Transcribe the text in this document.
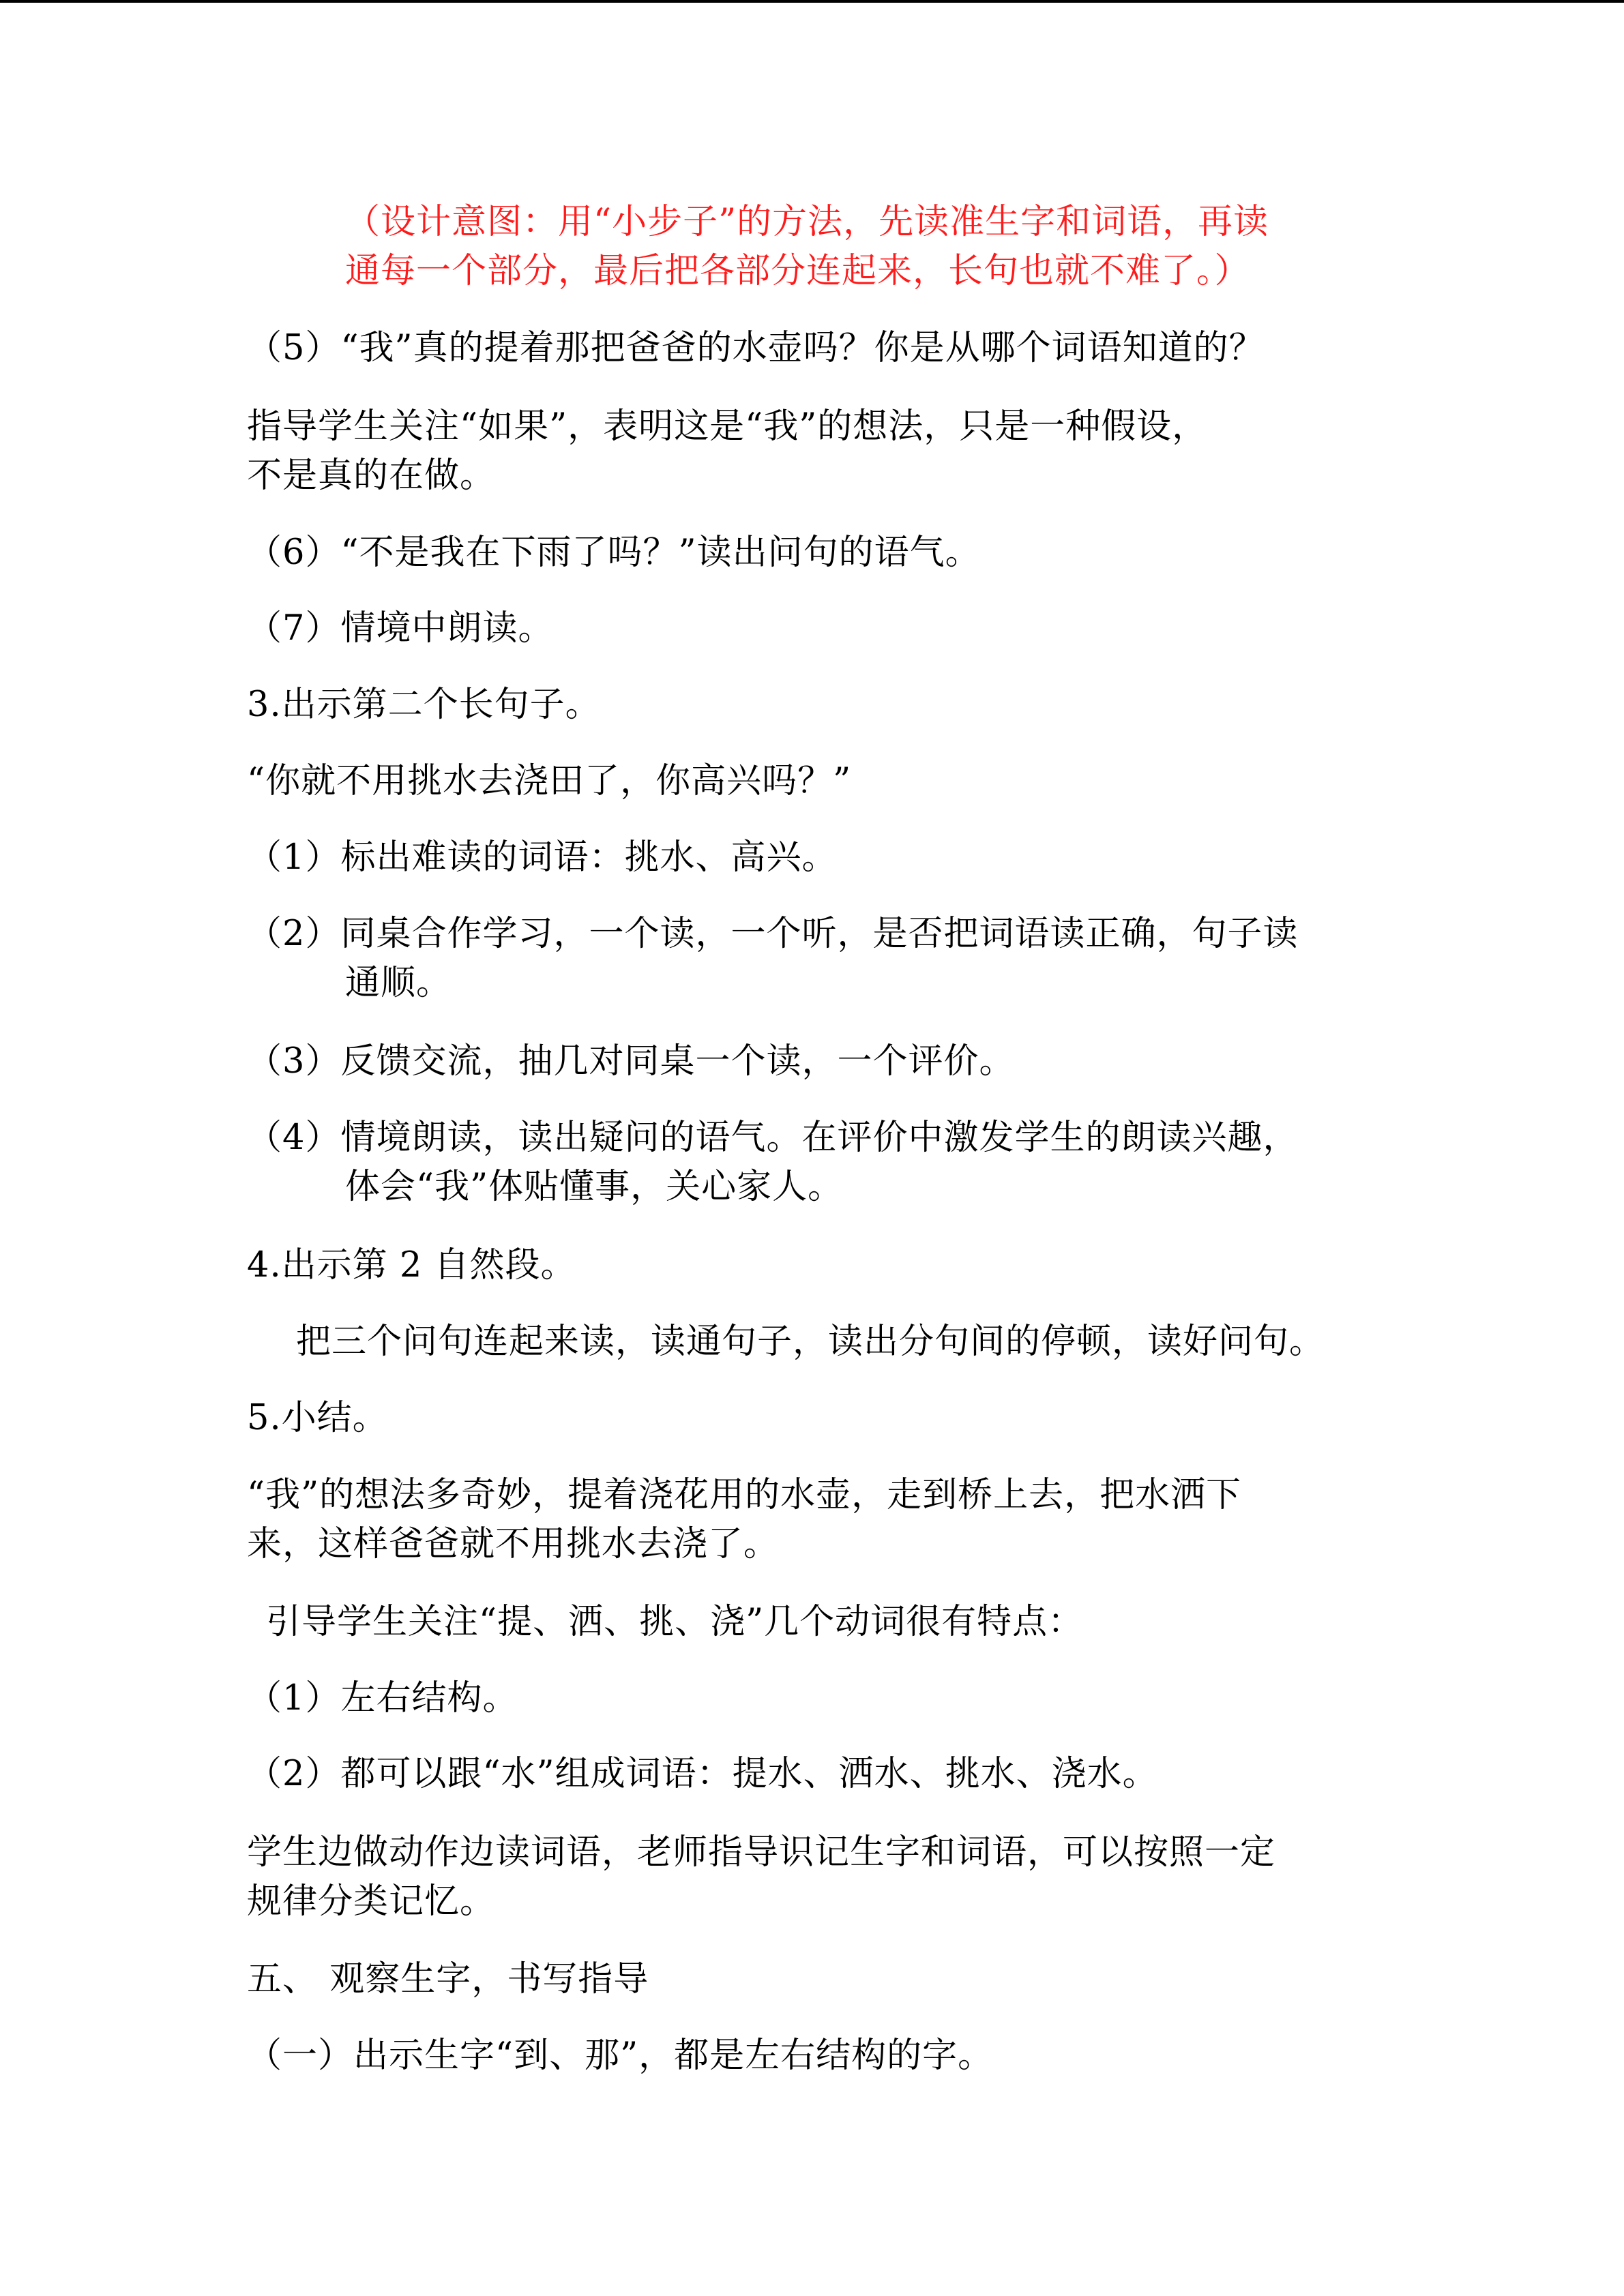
（设计意图：用“小步子”的方法，先读准生字和词语，再读
通每一个部分，最后把各部分连起来，长句也就不难了。）
（5）“我”真的提着那把爸爸的水壶吗？你是从哪个词语知道的？
指导学生关注“如果”，表明这是“我”的想法，只是一种假设，
不是真的在做。
（6）“不是我在下雨了吗？”读出问句的语气。
（7）情境中朗读。
3.出示第二个长句子。
“你就不用挑水去浇田了，你高兴吗？”
（1）标出难读的词语：挑水、高兴。
（2）同桌合作学习，一个读，一个听，是否把词语读正确，句子读
通顺。
（3）反馈交流，抽几对同桌一个读，一个评价。
（4）情境朗读，读出疑问的语气。在评价中激发学生的朗读兴趣，
体会“我”体贴懂事，关心家人。
4.出示第 2 自然段。
把三个问句连起来读，读通句子，读出分句间的停顿，读好问句。
5.小结。
“我”的想法多奇妙，提着浇花用的水壶，走到桥上去，把水洒下
来，这样爸爸就不用挑水去浇了。
引导学生关注“提、洒、挑、浇”几个动词很有特点：
（1）左右结构。
（2）都可以跟“水”组成词语：提水、洒水、挑水、浇水。
学生边做动作边读词语，老师指导识记生字和词语，可以按照一定
规律分类记忆。
五、 观察生字，书写指导
（一）出示生字“到、那”，都是左右结构的字。
